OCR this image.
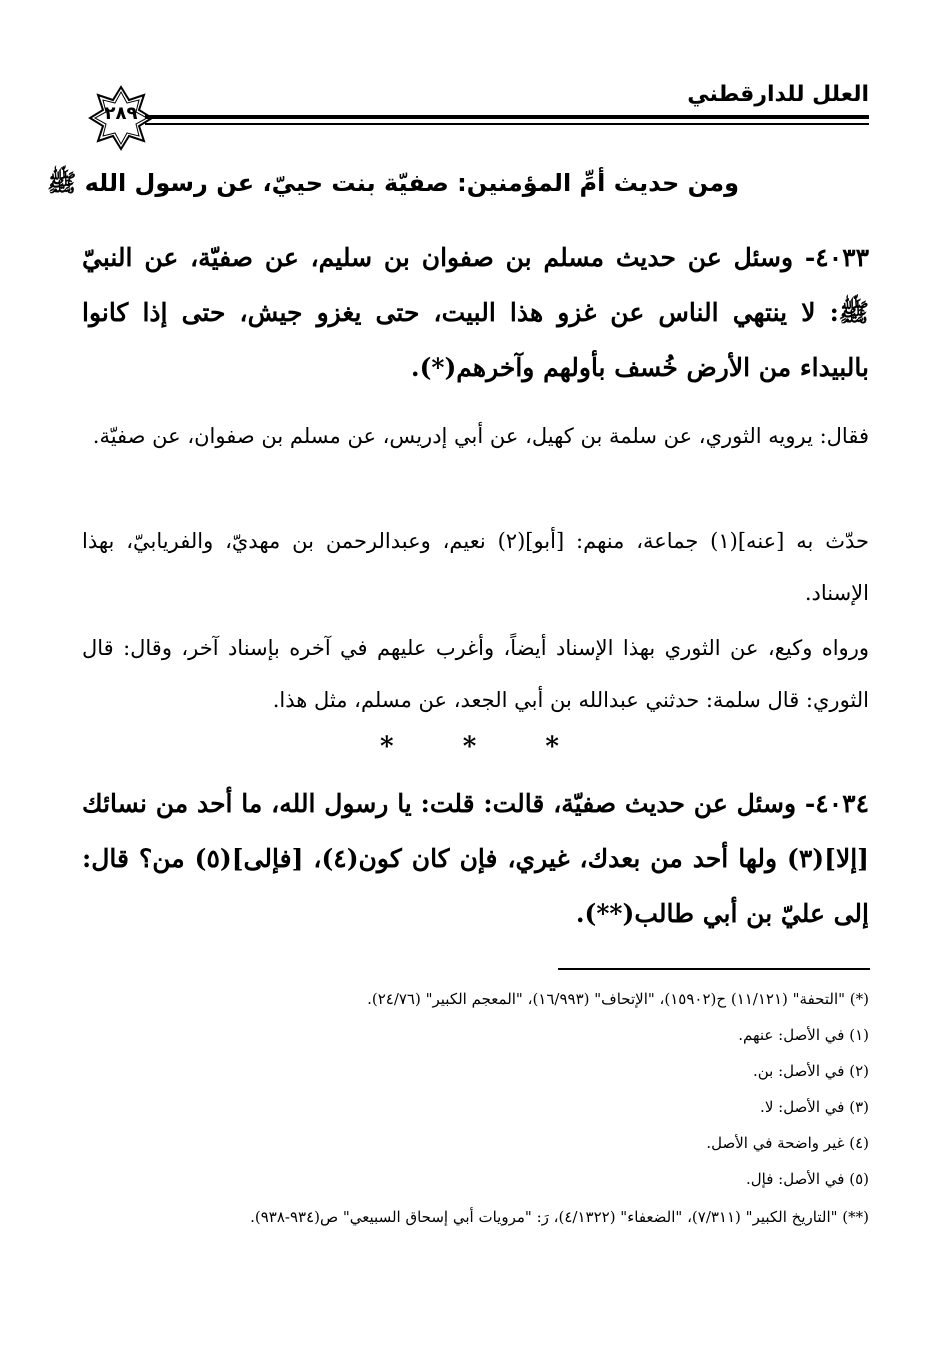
العلل للدارقطني
٢٨٩
ومن حديث أمِّ المؤمنين: صفيّة بنت حييّ، عن رسول الله ﷺ
٤٠٣٣- وسئل عن حديث مسلم بن صفوان بن سليم، عن صفيّة، عن النبيّ ﷺ: لا ينتهي الناس عن غزو هذا البيت، حتى يغزو جيش، حتى إذا كانوا بالبيداء من الأرض خُسف بأولهم وآخرهم(*).
فقال: يرويه الثوري، عن سلمة بن كهيل، عن أبي إدريس، عن مسلم بن صفوان، عن صفيّة.
حدّث به [عنه](١) جماعة، منهم: [أبو](٢) نعيم، وعبدالرحمن بن مهديّ، والفريابيّ، بهذا الإسناد.
ورواه وكيع، عن الثوري بهذا الإسناد أيضاً، وأغرب عليهم في آخره بإسناد آخر، وقال: قال الثوري: قال سلمة: حدثني عبدالله بن أبي الجعد، عن مسلم، مثل هذا.
*	*	*
٤٠٣٤- وسئل عن حديث صفيّة، قالت: قلت: يا رسول الله، ما أحد من نسائك [إلا](٣) ولها أحد من بعدك، غيري، فإن كان كون(٤)، [فإلى](٥) من؟ قال: إلى عليّ بن أبي طالب(**).
(*) "التحفة" (١١/١٢١) ح(١٥٩٠٢)، "الإتحاف" (١٦/٩٩٣)، "المعجم الكبير" (٢٤/٧٦).
(١) في الأصل: عنهم.
(٢) في الأصل: بن.
(٣) في الأصل: لا.
(٤) غير واضحة في الأصل.
(٥) في الأصل: فإل.
(**) "التاريخ الكبير" (٧/٣١١)، "الضعفاء" (٤/١٣٢٢)، رَ: "مرويات أبي إسحاق السبيعي" ص(٩٣٤-٩٣٨).
